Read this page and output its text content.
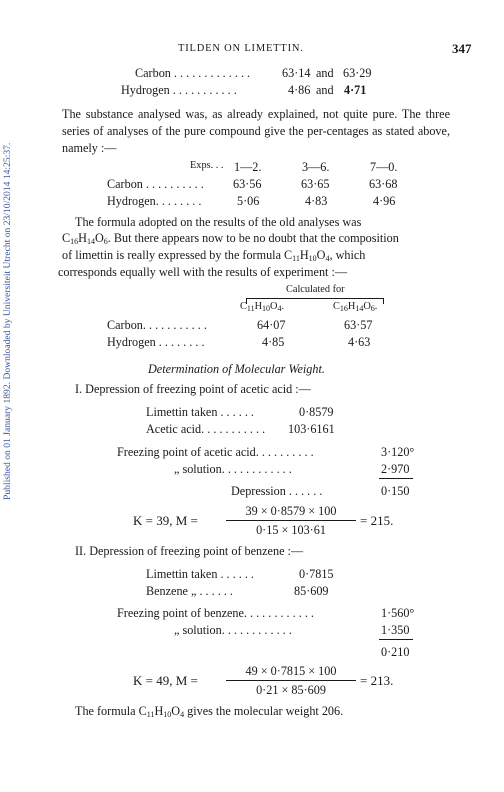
Published on 01 January 1892. Downloaded by Universiteit Utrecht on 23/10/2014 14:25:37.
TILDEN ON LIMETTIN.	347
Carbon . . . . . . . . . . . . .	63·14 and 63·29
Hydrogen . . . . . . . . . . .	4·86 and 4·71
The substance analysed was, as already explained, not quite pure. The three series of analyses of the pure compound give the per-centages as stated above, namely :—
Exps. . . 1—2.	3—6.	7—0.
Carbon . . . . . . . . . . 63·56	63·65	63·68
Hydrogen. . . . . . . .	5·06	4·83	4·96
The formula adopted on the results of the old analyses was
$C_{16}H_{14}O_6$. But there appears now to be no doubt that the composition
of limettin is really expressed by the formula $C_{11}H_{10}O_4$, which
corresponds equally well with the results of experiment :—
Calculated for
$C_{11}H_{10}O_4$.	$C_{16}H_{14}O_6$.
Carbon. . . . . . . . . . .	64·07	63·57
Hydrogen . . . . . . . .	4·85	4·63
Determination of Molecular Weight.
I. Depression of freezing point of acetic acid :—
Limettin taken . . . . . .	0·8579
Acetic acid. . . . . . . . . . . 103·6161
Freezing point of acetic acid. . . . . . . . . .	3·120°
„ solution. . . . . . . . . . . .	2·970
Depression . . . . . .	0·150
K = 39, M =
39 × 0·8579 × 100
0·15 × 103·61
= 215.
II. Depression of freezing point of benzene :—
Limettin taken . . . . . .	0·7815
Benzene „ . . . . . .	85·609
Freezing point of benzene. . . . . . . . . . . .	1·560°
„ solution. . . . . . . . . . . .	1·350
0·210
K = 49, M =
49 × 0·7815 × 100
0·21 × 85·609
= 213.
The formula $C_{11}H_{10}O_4$ gives the molecular weight 206.
